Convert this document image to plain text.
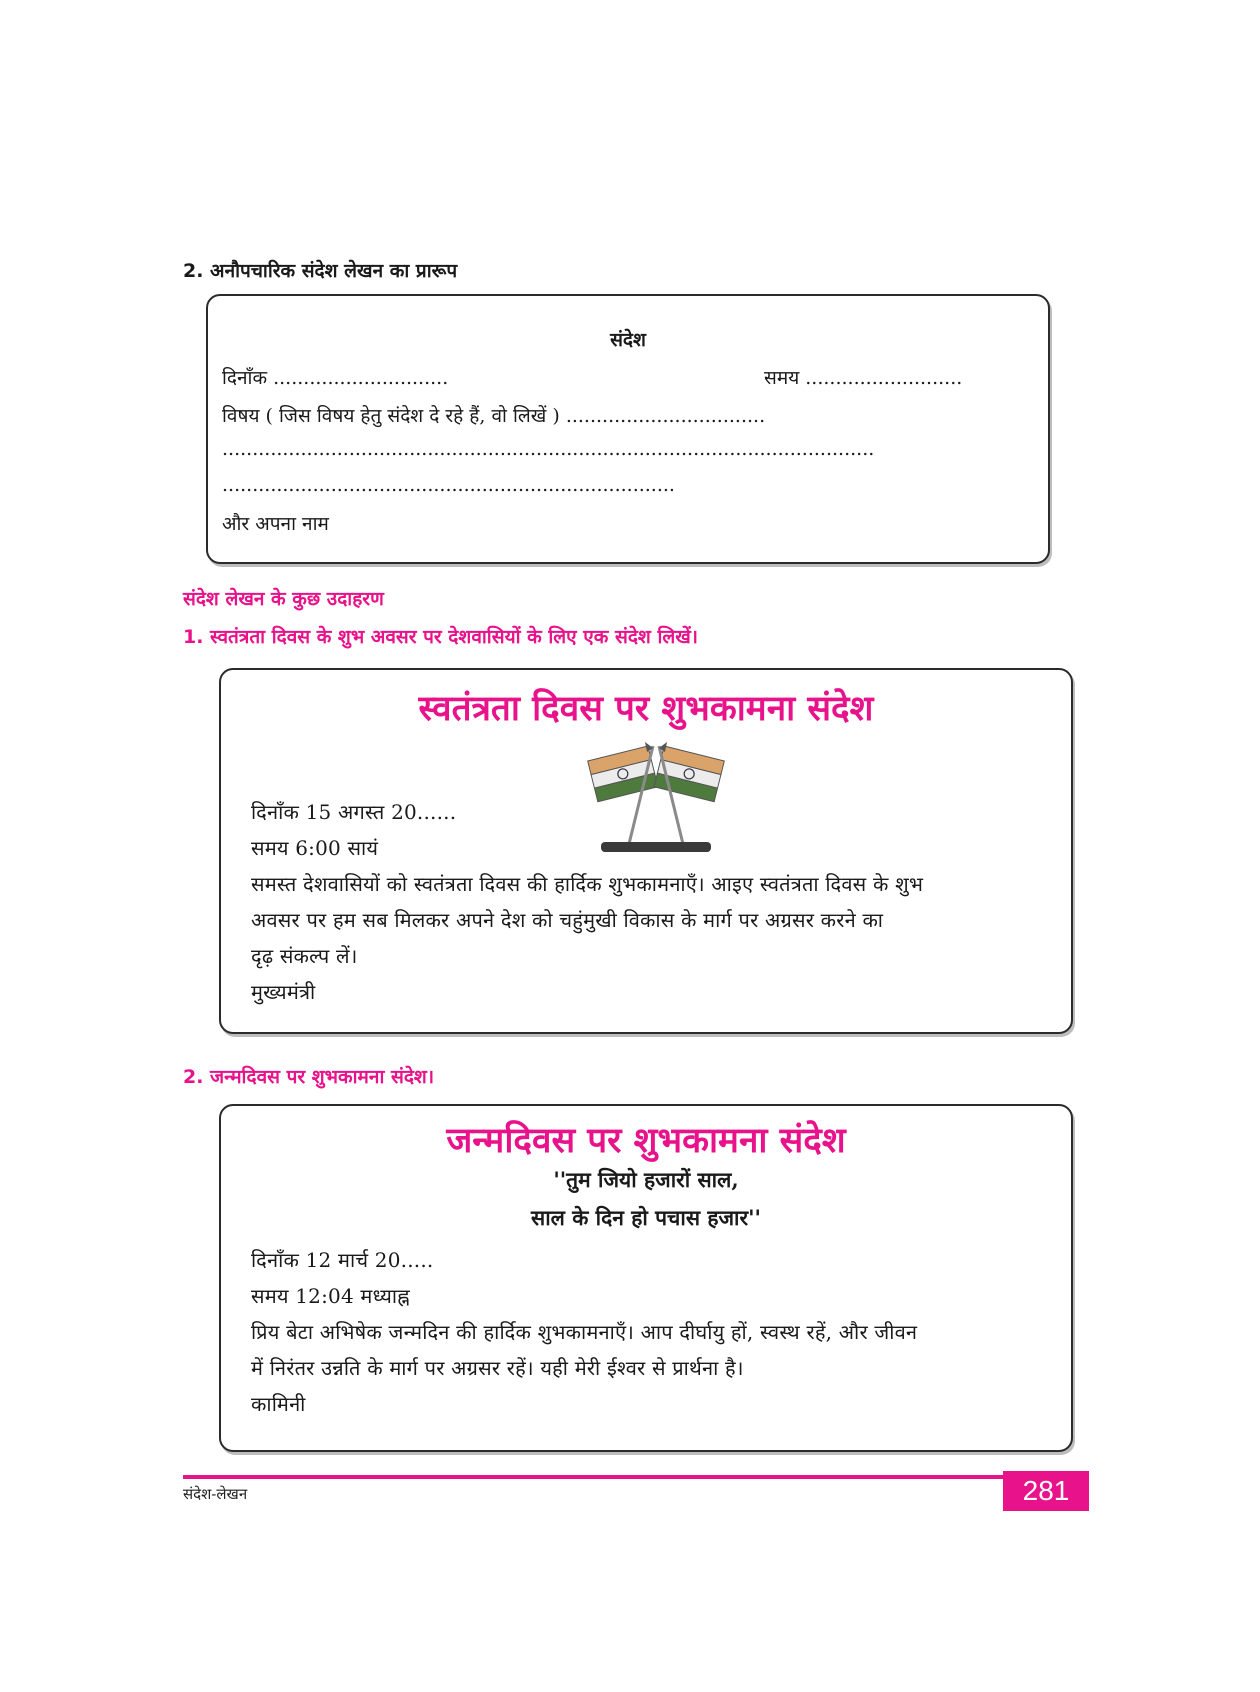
2. अनौपचारिक संदेश लेखन का प्रारूप
संदेश
दिनाँक .............................	समय ..........................
विषय ( जिस विषय हेतु संदेश दे रहे हैं, वो लिखें ) .................................
............................................................................................................
...........................................................................
और अपना नाम
संदेश लेखन के कुछ उदाहरण
1. स्वतंत्रता दिवस के शुभ अवसर पर देशवासियों के लिए एक संदेश लिखें।
स्वतंत्रता दिवस पर शुभकामना संदेश
दिनाँक 15 अगस्त 20......
समय 6:00 सायं
समस्त देशवासियों को स्वतंत्रता दिवस की हार्दिक शुभकामनाएँ। आइए स्वतंत्रता दिवस के शुभ
अवसर पर हम सब मिलकर अपने देश को चहुंमुखी विकास के मार्ग पर अग्रसर करने का
दृढ़ संकल्प लें।
मुख्यमंत्री
2. जन्मदिवस पर शुभकामना संदेश।
जन्मदिवस पर शुभकामना संदेश
''तुम जियो हजारों साल,
साल के दिन हो पचास हजार''
दिनाँक 12 मार्च 20.....
समय 12:04 मध्याह्न
प्रिय बेटा अभिषेक जन्मदिन की हार्दिक शुभकामनाएँ। आप दीर्घायु हों, स्वस्थ रहें, और जीवन
में निरंतर उन्नति के मार्ग पर अग्रसर रहें। यही मेरी ईश्वर से प्रार्थना है।
कामिनी
संदेश-लेखन	281
